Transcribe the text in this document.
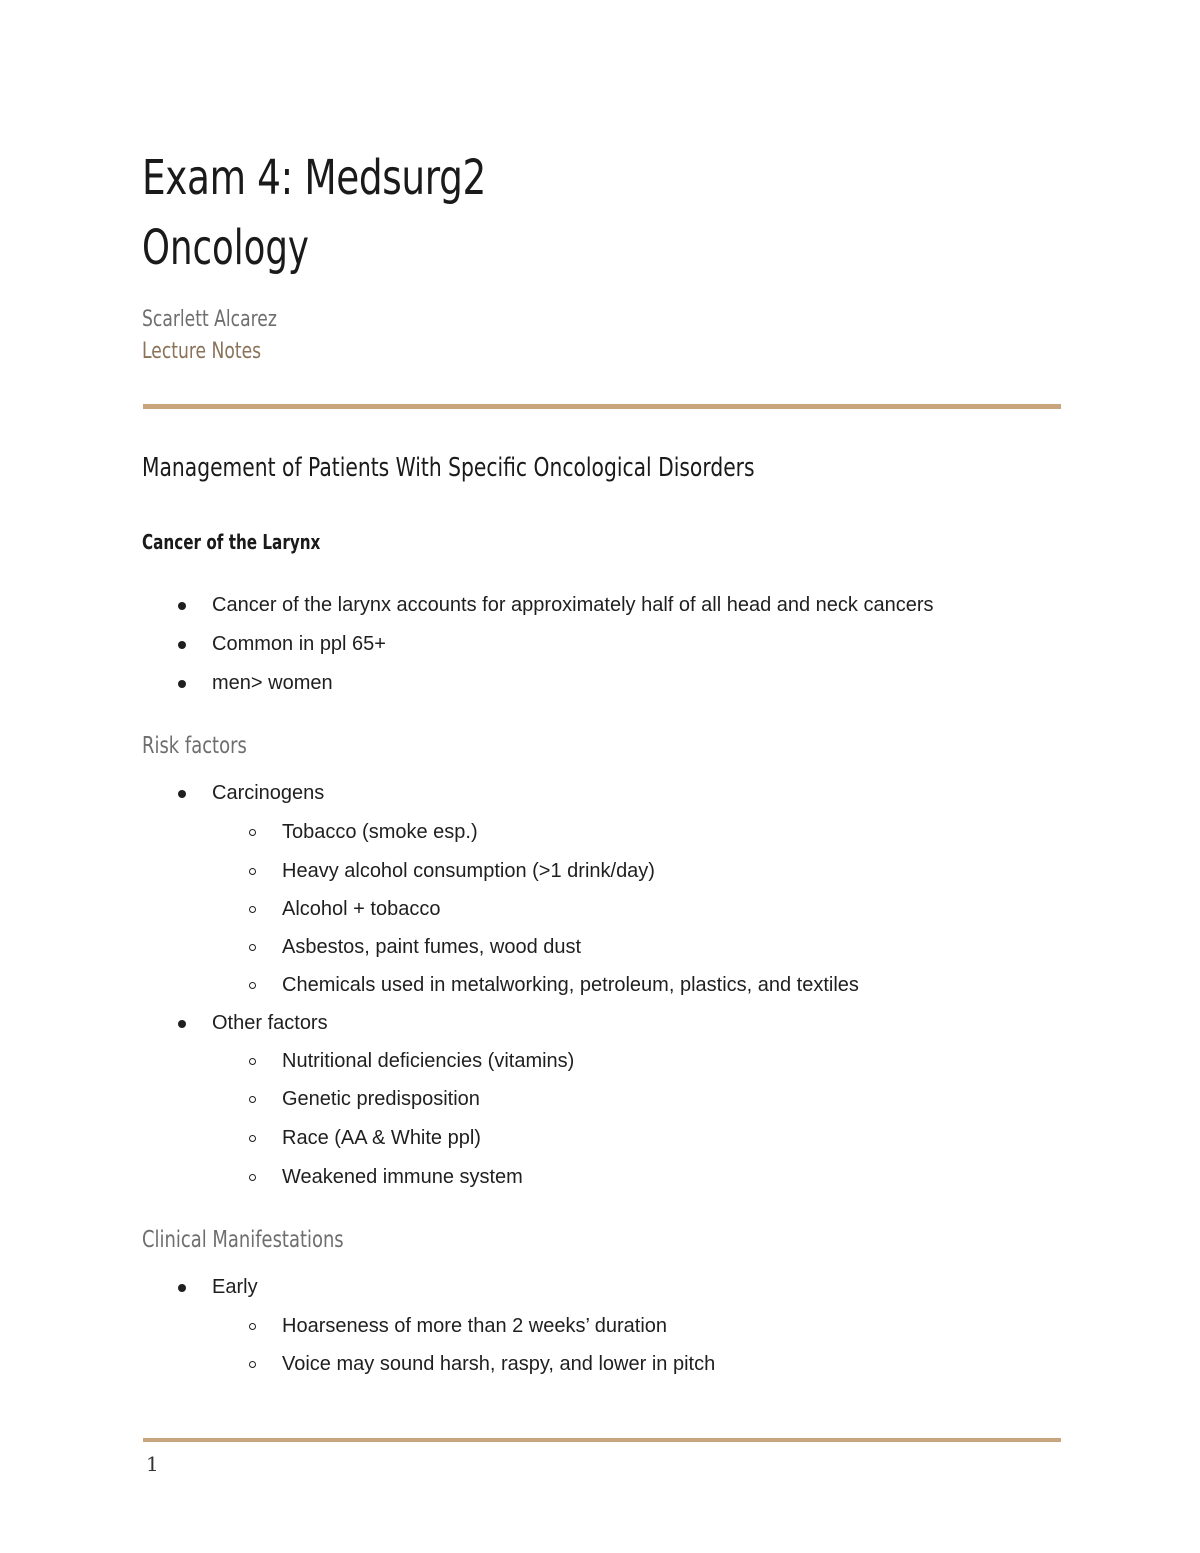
Exam 4: Medsurg2
Oncology
Scarlett Alcarez
Lecture Notes
Management of Patients With Specific Oncological Disorders
Cancer of the Larynx
Cancer of the larynx accounts for approximately half of all head and neck cancers
Common in ppl 65+
men> women
Risk factors
Carcinogens
Tobacco (smoke esp.)
Heavy alcohol consumption (>1 drink/day)
Alcohol + tobacco
Asbestos, paint fumes, wood dust
Chemicals used in metalworking, petroleum, plastics, and textiles
Other factors
Nutritional deficiencies (vitamins)
Genetic predisposition
Race (AA & White ppl)
Weakened immune system
Clinical Manifestations
Early
Hoarseness of more than 2 weeks’ duration
Voice may sound harsh, raspy, and lower in pitch
1
